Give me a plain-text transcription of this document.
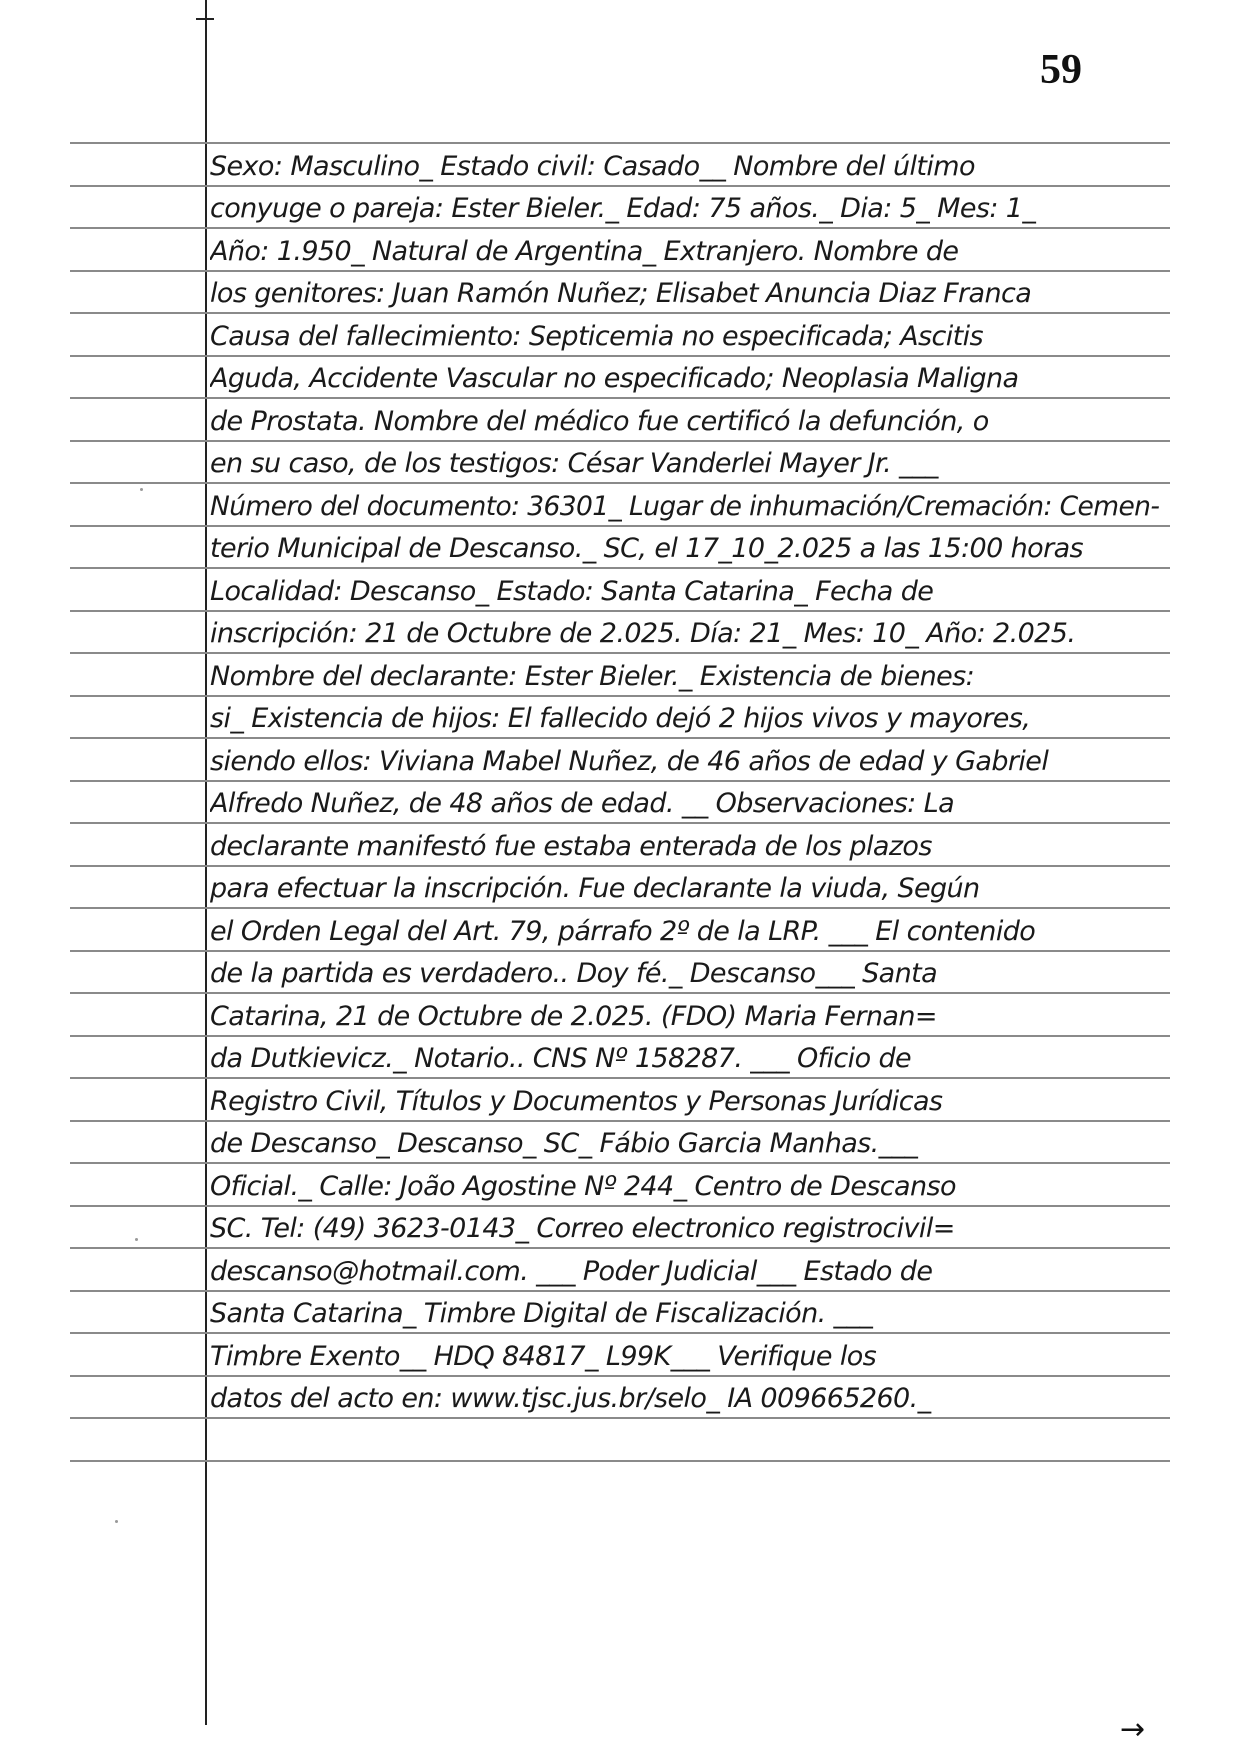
59
Sexo: Masculino_ Estado civil: Casado__ Nombre del último
conyuge o pareja: Ester Bieler._ Edad: 75 años._ Dia: 5_ Mes: 1_
Año: 1.950_ Natural de Argentina_ Extranjero. Nombre de
los genitores: Juan Ramón Nuñez; Elisabet Anuncia Diaz Franca
Causa del fallecimiento: Septicemia no especificada; Ascitis
Aguda, Accidente Vascular no especificado; Neoplasia Maligna
de Prostata. Nombre del médico fue certificó la defunción, o
en su caso, de los testigos: César Vanderlei Mayer Jr. ___
Número del documento: 36301_ Lugar de inhumación/Cremación: Cemen-
terio Municipal de Descanso._ SC, el 17_10_2.025 a las 15:00 horas
Localidad: Descanso_ Estado: Santa Catarina_ Fecha de
inscripción: 21 de Octubre de 2.025. Día: 21_ Mes: 10_ Año: 2.025.
Nombre del declarante: Ester Bieler._ Existencia de bienes:
si_ Existencia de hijos: El fallecido dejó 2 hijos vivos y mayores,
siendo ellos: Viviana Mabel Nuñez, de 46 años de edad y Gabriel
Alfredo Nuñez, de 48 años de edad. __ Observaciones: La
declarante manifestó fue estaba enterada de los plazos
para efectuar la inscripción. Fue declarante la viuda, Según
el Orden Legal del Art. 79, párrafo 2º de la LRP. ___ El contenido
de la partida es verdadero.. Doy fé._ Descanso___ Santa
Catarina, 21 de Octubre de 2.025. (FDO) Maria Fernan=
da Dutkievicz._ Notario.. CNS Nº 158287. ___ Oficio de
Registro Civil, Títulos y Documentos y Personas Jurídicas
de Descanso_ Descanso_ SC_ Fábio Garcia Manhas.___
Oficial._ Calle: João Agostine Nº 244_ Centro de Descanso
SC. Tel: (49) 3623-0143_ Correo electronico registrocivil=
descanso@hotmail.com. ___ Poder Judicial___ Estado de
Santa Catarina_ Timbre Digital de Fiscalización. ___
Timbre Exento__ HDQ 84817_ L99K___ Verifique los
datos del acto en: www.tjsc.jus.br/selo_ IA 009665260._
→
